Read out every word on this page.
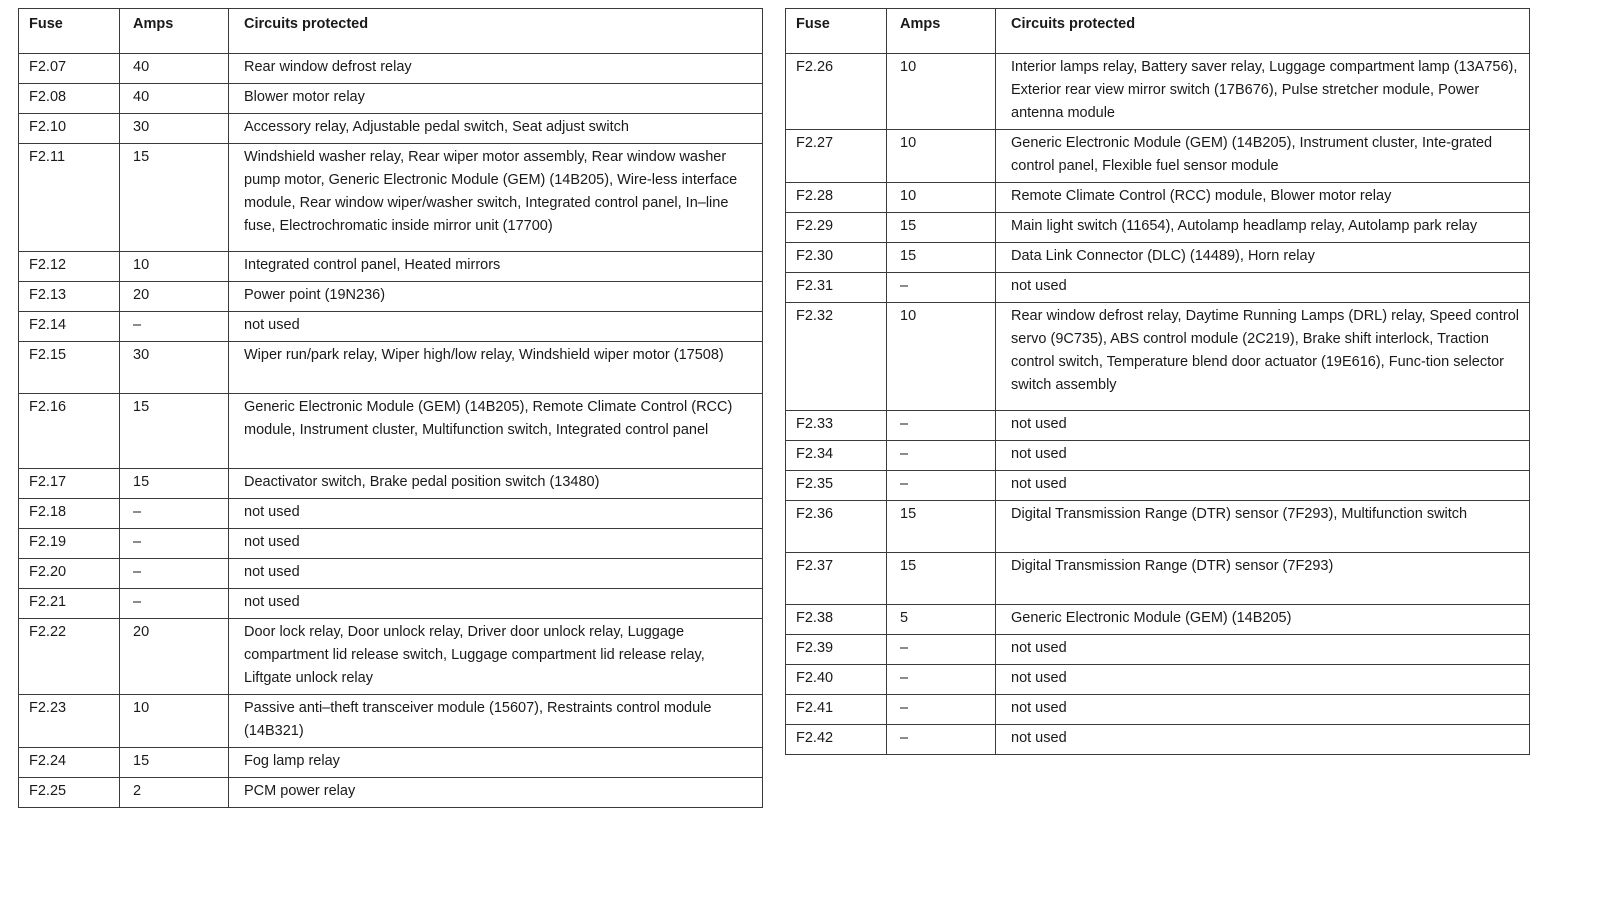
Fuse	Amps	Circuits protected
F2.07	40	Rear window defrost relay
F2.08	40	Blower motor relay
F2.10	30	Accessory relay, Adjustable pedal switch, Seat adjust switch
F2.11	15	Windshield washer relay, Rear wiper motor assembly, Rear window washer pump motor, Generic Electronic Module (GEM) (14B205), Wire-less interface module, Rear window wiper/washer switch, Integrated control panel, In–line fuse, Electrochromatic inside mirror unit (17700)
F2.12	10	Integrated control panel, Heated mirrors
F2.13	20	Power point (19N236)
F2.14	–	not used
F2.15	30	Wiper run/park relay, Wiper high/low relay, Windshield wiper motor (17508)
F2.16	15	Generic Electronic Module (GEM) (14B205), Remote Climate Control (RCC) module, Instrument cluster, Multifunction switch, Integrated control panel
F2.17	15	Deactivator switch, Brake pedal position switch (13480)
F2.18	–	not used
F2.19	–	not used
F2.20	–	not used
F2.21	–	not used
F2.22	20	Door lock relay, Door unlock relay, Driver door unlock relay, Luggage compartment lid release switch, Luggage compartment lid release relay, Liftgate unlock relay
F2.23	10	Passive anti–theft transceiver module (15607), Restraints control module (14B321)
F2.24	15	Fog lamp relay
F2.25	2	PCM power relay
Fuse	Amps	Circuits protected
F2.26	10	Interior lamps relay, Battery saver relay, Luggage compartment lamp (13A756), Exterior rear view mirror switch (17B676), Pulse stretcher module, Power antenna module
F2.27	10	Generic Electronic Module (GEM) (14B205), Instrument cluster, Inte-grated control panel, Flexible fuel sensor module
F2.28	10	Remote Climate Control (RCC) module, Blower motor relay
F2.29	15	Main light switch (11654), Autolamp headlamp relay, Autolamp park relay
F2.30	15	Data Link Connector (DLC) (14489), Horn relay
F2.31	–	not used
F2.32	10	Rear window defrost relay, Daytime Running Lamps (DRL) relay, Speed control servo (9C735), ABS control module (2C219), Brake shift interlock, Traction control switch, Temperature blend door actuator (19E616), Func-tion selector switch assembly
F2.33	–	not used
F2.34	–	not used
F2.35	–	not used
F2.36	15	Digital Transmission Range (DTR) sensor (7F293), Multifunction switch
F2.37	15	Digital Transmission Range (DTR) sensor (7F293)
F2.38	5	Generic Electronic Module (GEM) (14B205)
F2.39	–	not used
F2.40	–	not used
F2.41	–	not used
F2.42	–	not used
